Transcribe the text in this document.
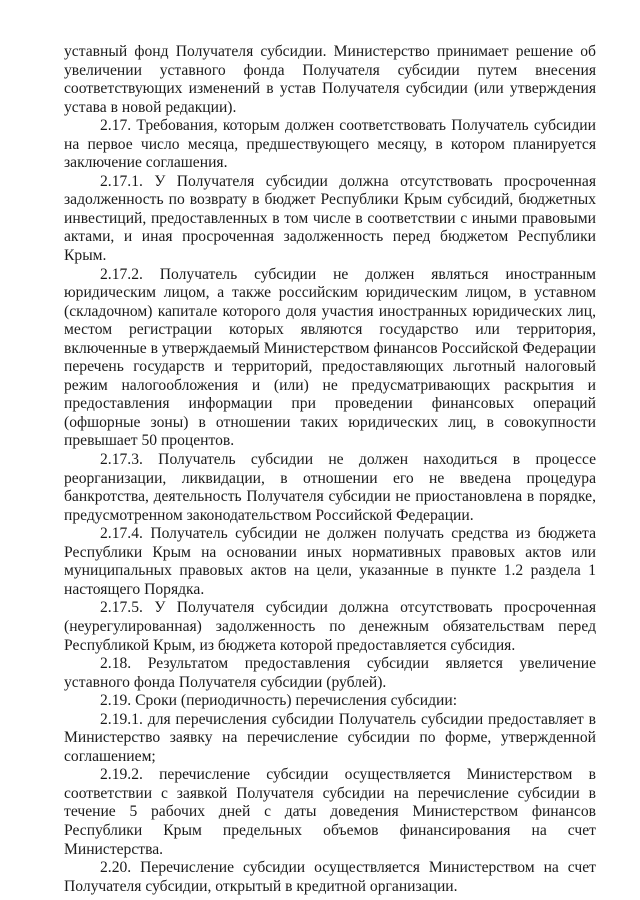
уставный фонд Получателя субсидии. Министерство принимает решение об увеличении уставного фонда Получателя субсидии путем внесения соответствующих изменений в устав Получателя субсидии (или утверждения устава в новой редакции).

2.17. Требования, которым должен соответствовать Получатель субсидии на первое число месяца, предшествующего месяцу, в котором планируется заключение соглашения.

2.17.1. У Получателя субсидии должна отсутствовать просроченная задолженность по возврату в бюджет Республики Крым субсидий, бюджетных инвестиций, предоставленных в том числе в соответствии с иными правовыми актами, и иная просроченная задолженность перед бюджетом Республики Крым.

2.17.2. Получатель субсидии не должен являться иностранным юридическим лицом, а также российским юридическим лицом, в уставном (складочном) капитале которого доля участия иностранных юридических лиц, местом регистрации которых являются государство или территория, включенные в утверждаемый Министерством финансов Российской Федерации перечень государств и территорий, предоставляющих льготный налоговый режим налогообложения и (или) не предусматривающих раскрытия и предоставления информации при проведении финансовых операций (офшорные зоны) в отношении таких юридических лиц, в совокупности превышает 50 процентов.

2.17.3. Получатель субсидии не должен находиться в процессе реорганизации, ликвидации, в отношении его не введена процедура банкротства, деятельность Получателя субсидии не приостановлена в порядке, предусмотренном законодательством Российской Федерации.

2.17.4. Получатель субсидии не должен получать средства из бюджета Республики Крым на основании иных нормативных правовых актов или муниципальных правовых актов на цели, указанные в пункте 1.2 раздела 1 настоящего Порядка.

2.17.5. У Получателя субсидии должна отсутствовать просроченная (неурегулированная) задолженность по денежным обязательствам перед Республикой Крым, из бюджета которой предоставляется субсидия.

2.18. Результатом предоставления субсидии является увеличение уставного фонда Получателя субсидии (рублей).

2.19. Сроки (периодичность) перечисления субсидии:

2.19.1. для перечисления субсидии Получатель субсидии предоставляет в Министерство заявку на перечисление субсидии по форме, утвержденной соглашением;

2.19.2. перечисление субсидии осуществляется Министерством в соответствии с заявкой Получателя субсидии на перечисление субсидии в течение 5 рабочих дней с даты доведения Министерством финансов Республики Крым предельных объемов финансирования на счет Министерства.

2.20. Перечисление субсидии осуществляется Министерством на счет Получателя субсидии, открытый в кредитной организации.
